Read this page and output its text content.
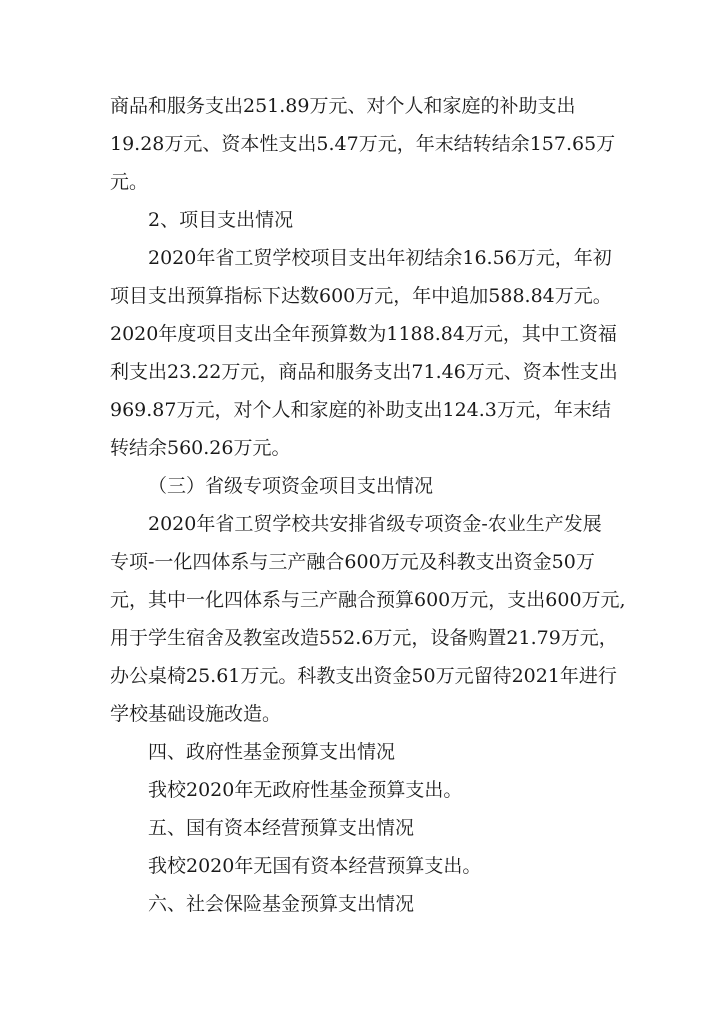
商品和服务支出251.89万元、对个人和家庭的补助支出
19.28万元、资本性支出5.47万元，年末结转结余157.65万
元。
2、项目支出情况
2020年省工贸学校项目支出年初结余16.56万元，年初
项目支出预算指标下达数600万元，年中追加588.84万元。
2020年度项目支出全年预算数为1188.84万元，其中工资福
利支出23.22万元，商品和服务支出71.46万元、资本性支出
969.87万元，对个人和家庭的补助支出124.3万元，年末结
转结余560.26万元。
（三）省级专项资金项目支出情况
2020年省工贸学校共安排省级专项资金-农业生产发展
专项-一化四体系与三产融合600万元及科教支出资金50万
元，其中一化四体系与三产融合预算600万元，支出600万元,
用于学生宿舍及教室改造552.6万元，设备购置21.79万元，
办公桌椅25.61万元。科教支出资金50万元留待2021年进行
学校基础设施改造。
四、政府性基金预算支出情况
我校2020年无政府性基金预算支出。
五、国有资本经营预算支出情况
我校2020年无国有资本经营预算支出。
六、社会保险基金预算支出情况
